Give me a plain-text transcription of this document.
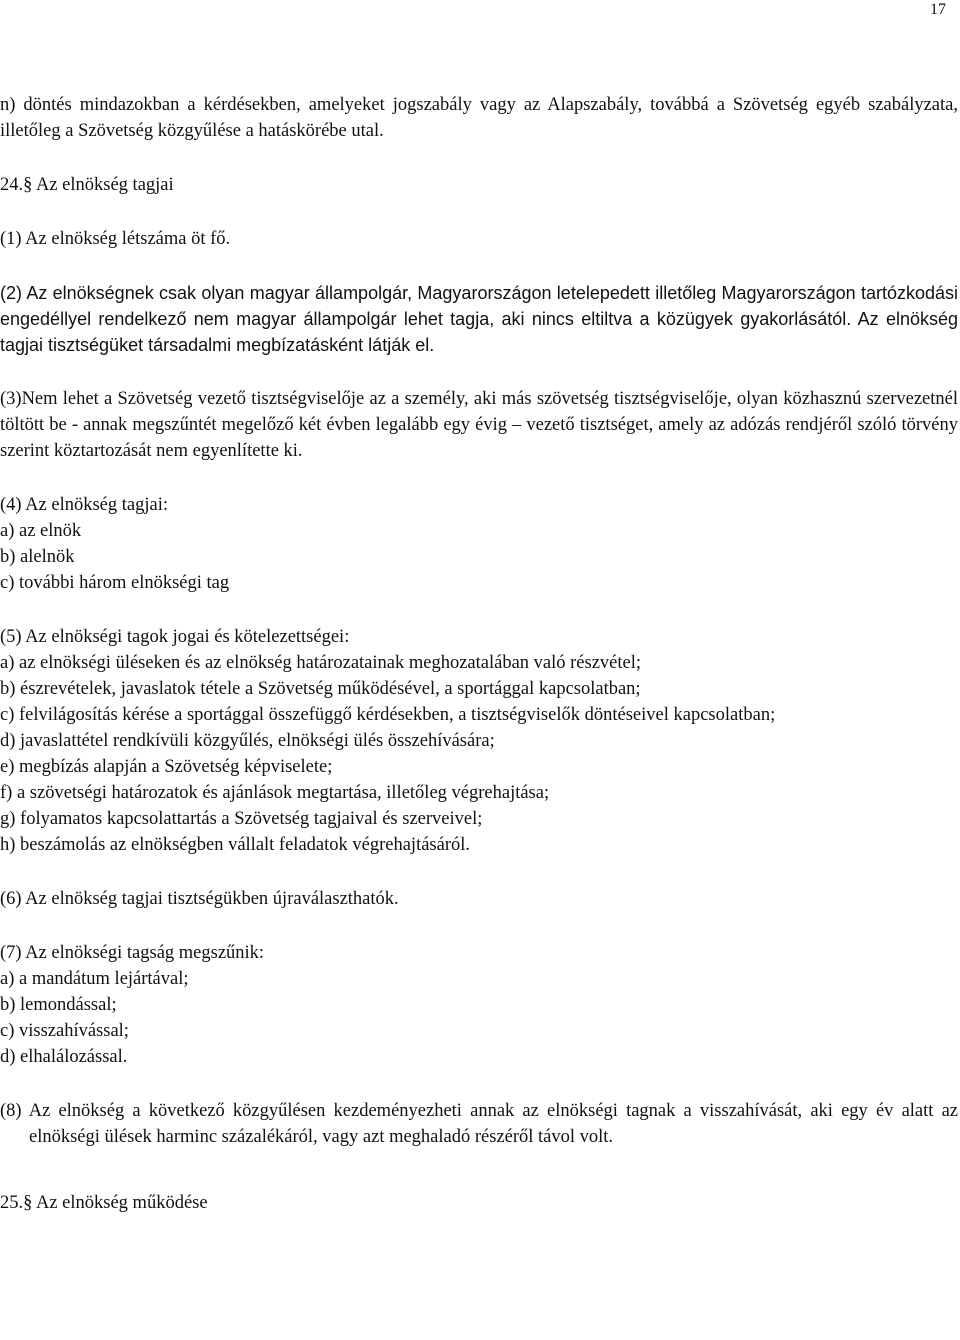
17

n) döntés mindazokban a kérdésekben, amelyeket jogszabály vagy az Alapszabály, továbbá a Szövetség egyéb szabályzata, illetőleg a Szövetség közgyűlése a hatáskörébe utal.

24.§ Az elnökség tagjai

(1) Az elnökség létszáma öt fő.

(2) Az elnökségnek csak olyan magyar állampolgár, Magyarországon letelepedett illetőleg Magyarországon tartózkodási engedéllyel rendelkező nem magyar állampolgár lehet tagja, aki nincs eltiltva a közügyek gyakorlásától. Az elnökség tagjai tisztségüket társadalmi megbízatásként látják el.

(3)Nem lehet a Szövetség vezető tisztségviselője az a személy, aki más szövetség tisztségviselője, olyan közhasznú szervezetnél töltött be - annak megszűntét megelőző két évben legalább egy évig – vezető tisztséget, amely az adózás rendjéről szóló törvény szerint köztartozását nem egyenlítette ki.

(4) Az elnökség tagjai:
a) az elnök
b) alelnök
c) további három elnökségi tag
(5) Az elnökségi tagok jogai és kötelezettségei:
a) az elnökségi üléseken és az elnökség határozatainak meghozatalában való részvétel;
b) észrevételek, javaslatok tétele a Szövetség működésével, a sportággal kapcsolatban;
c) felvilágosítás kérése a sportággal összefüggő kérdésekben, a tisztségviselők döntéseivel kapcsolatban;
d) javaslattétel rendkívüli közgyűlés, elnökségi ülés összehívására;
e) megbízás alapján a Szövetség képviselete;
f) a szövetségi határozatok és ajánlások megtartása, illetőleg végrehajtása;
g) folyamatos kapcsolattartás a Szövetség tagjaival és szerveivel;
h) beszámolás az elnökségben vállalt feladatok végrehajtásáról.

(6) Az elnökség tagjai tisztségükben újraválaszthatók.

(7) Az elnökségi tagság megszűnik:
a) a mandátum lejártával;
b) lemondással;
c) visszahívással;
d) elhalálozással.

(8) Az elnökség a következő közgyűlésen kezdeményezheti annak az elnökségi tagnak a visszahívását, aki egy év alatt az elnökségi ülések harminc százalékáról, vagy azt meghaladó részéről távol volt.

25.§ Az elnökség működése
